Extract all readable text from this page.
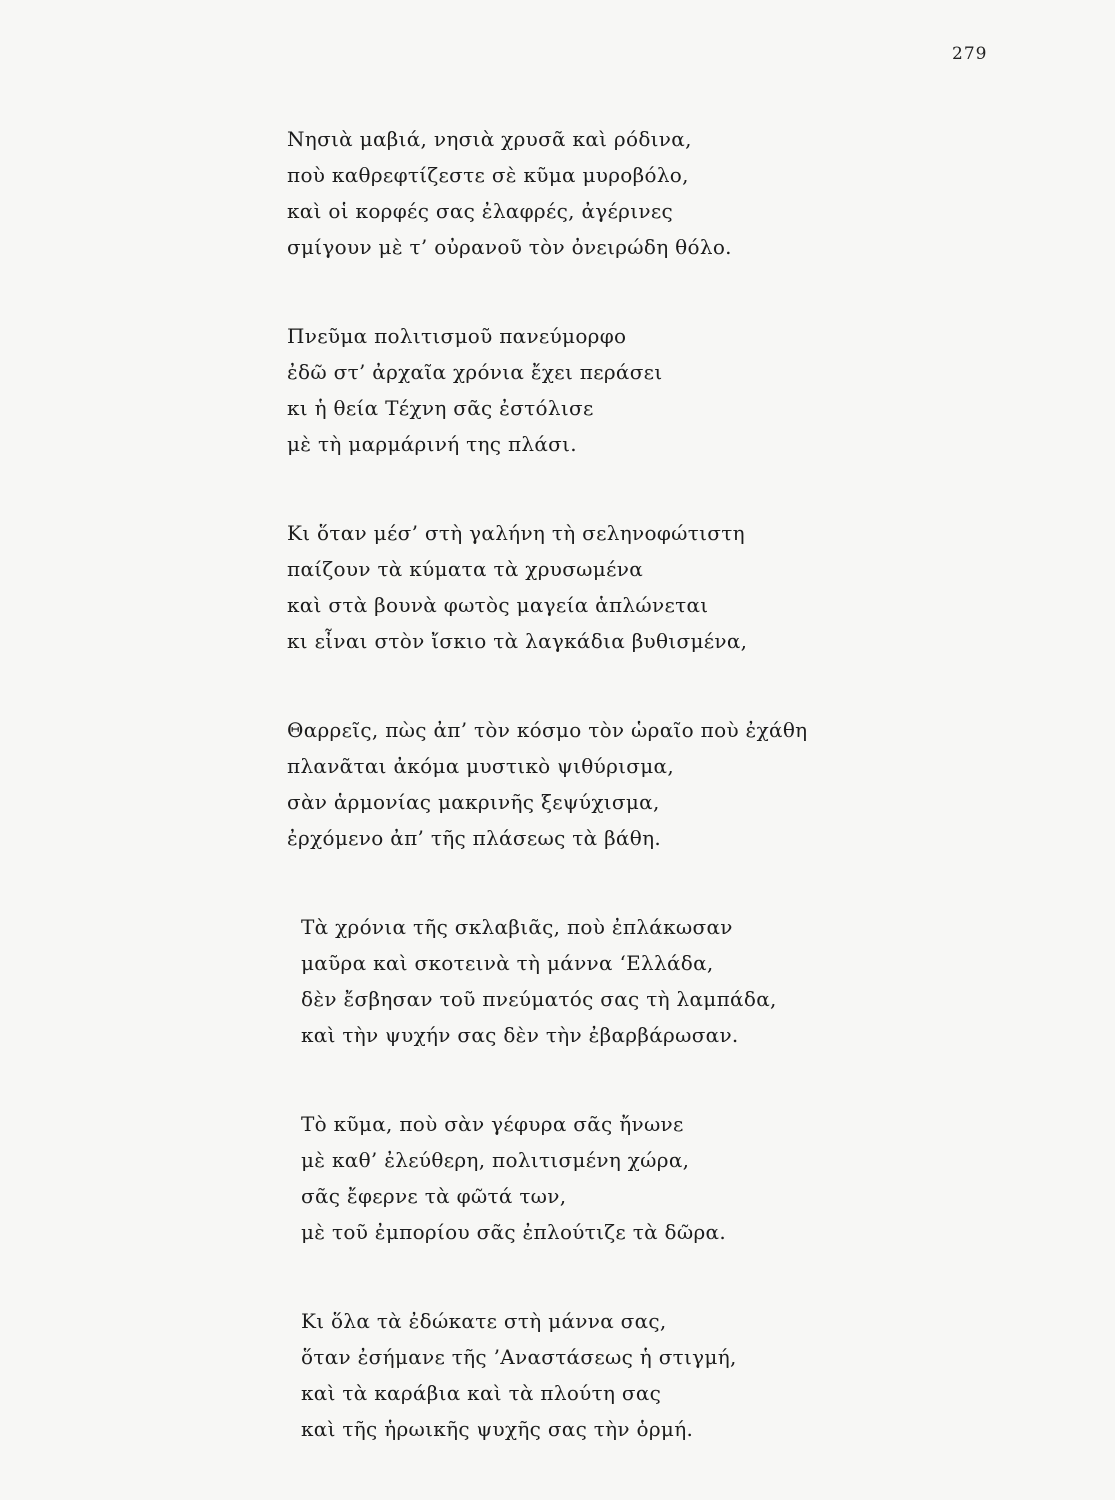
279
Νησιὰ μαβιά, νησιὰ χρυσᾶ καὶ ρόδινα,
ποὺ καθρεφτίζεστε σὲ κῦμα μυροβόλο,
καὶ οἱ κορφές σας ἐλαφρές, ἀγέρινες
σμίγουν μὲ τ’ οὐρανοῦ τὸν ὀνειρώδη θόλο.
Πνεῦμα πολιτισμοῦ πανεύμορφο
ἐδῶ στ’ ἀρχαῖα χρόνια ἔχει περάσει
κι ἡ θεία Τέχνη σᾶς ἐστόλισε
μὲ τὴ μαρμάρινή της πλάσι.
Κι ὅταν μέσ’ στὴ γαλήνη τὴ σεληνοφώτιστη
παίζουν τὰ κύματα τὰ χρυσωμένα
καὶ στὰ βουνὰ φωτὸς μαγεία ἁπλώνεται
κι εἶναι στὸν ἴσκιο τὰ λαγκάδια βυθισμένα,
Θαρρεῖς, πὼς ἀπ’ τὸν κόσμο τὸν ὡραῖο ποὺ ἐχάθη
πλανᾶται ἀκόμα μυστικὸ ψιθύρισμα,
σὰν ἁρμονίας μακρινῆς ξεψύχισμα,
ἐρχόμενο ἀπ’ τῆς πλάσεως τὰ βάθη.
Τὰ χρόνια τῆς σκλαβιᾶς, ποὺ ἐπλάκωσαν
μαῦρα καὶ σκοτεινὰ τὴ μάννα ‘Ελλάδα,
δὲν ἔσβησαν τοῦ πνεύματός σας τὴ λαμπάδα,
καὶ τὴν ψυχήν σας δὲν τὴν ἐβαρβάρωσαν.
Τὸ κῦμα, ποὺ σὰν γέφυρα σᾶς ἤνωνε
μὲ καθ’ ἐλεύθερη, πολιτισμένη χώρα,
σᾶς ἔφερνε τὰ φῶτά των,
μὲ τοῦ ἐμπορίου σᾶς ἐπλούτιζε τὰ δῶρα.
Κι ὅλα τὰ ἐδώκατε στὴ μάννα σας,
ὅταν ἐσήμανε τῆς ’Αναστάσεως ἡ στιγμή,
καὶ τὰ καράβια καὶ τὰ πλούτη σας
καὶ τῆς ἡρωικῆς ψυχῆς σας τὴν ὁρμή.
